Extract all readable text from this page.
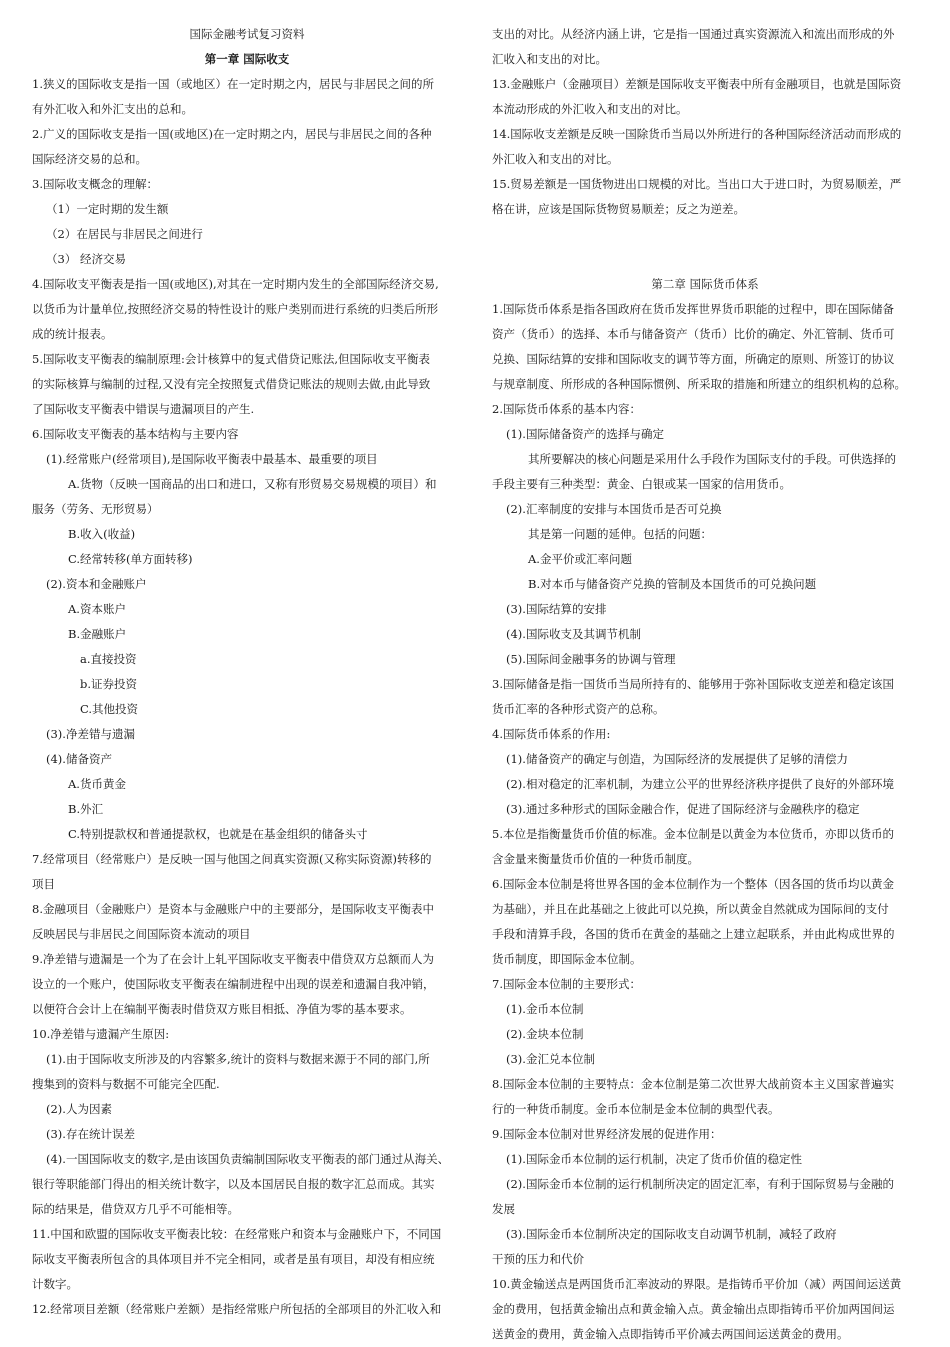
国际金融考试复习资料
第一章 国际收支
1.狭义的国际收支是指一国（或地区）在一定时期之内，居民与非居民之间的所
有外汇收入和外汇支出的总和。
2.广义的国际收支是指一国(或地区)在一定时期之内，居民与非居民之间的各种
国际经济交易的总和。
3.国际收支概念的理解：
（1）一定时期的发生额
（2）在居民与非居民之间进行
（3） 经济交易
4.国际收支平衡表是指一国(或地区),对其在一定时期内发生的全部国际经济交易,
以货币为计量单位,按照经济交易的特性设计的账户类别而进行系统的归类后所形
成的统计报表。
5.国际收支平衡表的编制原理:会计核算中的复式借贷记账法,但国际收支平衡表
的实际核算与编制的过程,又没有完全按照复式借贷记账法的规则去做,由此导致
了国际收支平衡表中错误与遗漏项目的产生.
6.国际收支平衡表的基本结构与主要内容
(1).经常账户(经常项目),是国际收平衡表中最基本、最重要的项目
A.货物（反映一国商品的出口和进口，又称有形贸易交易规模的项目）和
服务（劳务、无形贸易）
B.收入(收益)
C.经常转移(单方面转移)
(2).资本和金融账户
A.资本账户
B.金融账户
a.直接投资
b.证券投资
C.其他投资
(3).净差错与遗漏
(4).储备资产
A.货币黄金
B.外汇
C.特别提款权和普通提款权，也就是在基金组织的储备头寸
7.经常项目（经常账户）是反映一国与他国之间真实资源(又称实际资源)转移的
项目
8.金融项目（金融账户）是资本与金融账户中的主要部分，是国际收支平衡表中
反映居民与非居民之间国际资本流动的项目
9.净差错与遗漏是一个为了在会计上轧平国际收支平衡表中借贷双方总额而人为
设立的一个账户，使国际收支平衡表在编制进程中出现的误差和遗漏自我冲销，
以便符合会计上在编制平衡表时借贷双方账目相抵、净值为零的基本要求。
10.净差错与遗漏产生原因:
(1).由于国际收支所涉及的内容繁多,统计的资料与数据来源于不同的部门,所
搜集到的资料与数据不可能完全匹配.
(2).人为因素
(3).存在统计误差
(4).一国国际收支的数字,是由该国负责编制国际收支平衡表的部门通过从海关、
银行等职能部门得出的相关统计数字，以及本国居民自报的数字汇总而成。其实
际的结果是，借贷双方几乎不可能相等。
11.中国和欧盟的国际收支平衡表比较：在经常账户和资本与金融账户下，不同国
际收支平衡表所包含的具体项目并不完全相同，或者是虽有项目，却没有相应统
计数字。
12.经常项目差额（经常账户差额）是指经常账户所包括的全部项目的外汇收入和
支出的对比。从经济内涵上讲，它是指一国通过真实资源流入和流出而形成的外
汇收入和支出的对比。
13.金融账户（金融项目）差额是国际收支平衡表中所有金融项目，也就是国际资
本流动形成的外汇收入和支出的对比。
14.国际收支差额是反映一国除货币当局以外所进行的各种国际经济活动而形成的
外汇收入和支出的对比。
15.贸易差额是一国货物进出口规模的对比。当出口大于进口时，为贸易顺差，严
格在讲，应该是国际货物贸易顺差；反之为逆差。
第二章 国际货币体系
1.国际货币体系是指各国政府在货币发挥世界货币职能的过程中，即在国际储备
资产（货币）的选择、本币与储备资产（货币）比价的确定、外汇管制、货币可
兑换、国际结算的安排和国际收支的调节等方面，所确定的原则、所签订的协议
与规章制度、所形成的各种国际惯例、所采取的措施和所建立的组织机构的总称。
2.国际货币体系的基本内容：
(1).国际储备资产的选择与确定
其所要解决的核心问题是采用什么手段作为国际支付的手段。可供选择的
手段主要有三种类型：黄金、白银或某一国家的信用货币。
(2).汇率制度的安排与本国货币是否可兑换
其是第一问题的延伸。包括的问题：
A.金平价或汇率问题
B.对本币与储备资产兑换的管制及本国货币的可兑换问题
(3).国际结算的安排
(4).国际收支及其调节机制
(5).国际间金融事务的协调与管理
3.国际储备是指一国货币当局所持有的、能够用于弥补国际收支逆差和稳定该国
货币汇率的各种形式资产的总称。
4.国际货币体系的作用:
(1).储备资产的确定与创造，为国际经济的发展提供了足够的清偿力
(2).相对稳定的汇率机制，为建立公平的世界经济秩序提供了良好的外部环境
(3).通过多种形式的国际金融合作，促进了国际经济与金融秩序的稳定
5.本位是指衡量货币价值的标准。金本位制是以黄金为本位货币，亦即以货币的
含金量来衡量货币价值的一种货币制度。
6.国际金本位制是将世界各国的金本位制作为一个整体（因各国的货币均以黄金
为基础），并且在此基础之上彼此可以兑换，所以黄金自然就成为国际间的支付
手段和清算手段，各国的货币在黄金的基础之上建立起联系，并由此构成世界的
货币制度，即国际金本位制。
7.国际金本位制的主要形式：
(1).金币本位制
(2).金块本位制
(3).金汇兑本位制
8.国际金本位制的主要特点：金本位制是第二次世界大战前资本主义国家普遍实
行的一种货币制度。金币本位制是金本位制的典型代表。
9.国际金本位制对世界经济发展的促进作用：
(1).国际金币本位制的运行机制，决定了货币价值的稳定性
(2).国际金币本位制的运行机制所决定的固定汇率，有利于国际贸易与金融的
发展
(3).国际金币本位制所决定的国际收支自动调节机制，减轻了政府
干预的压力和代价
10.黄金输送点是两国货币汇率波动的界限。是指铸币平价加（减）两国间运送黄
金的费用，包括黄金输出点和黄金输入点。黄金输出点即指铸币平价加两国间运
送黄金的费用，黄金输入点即指铸币平价减去两国间运送黄金的费用。
